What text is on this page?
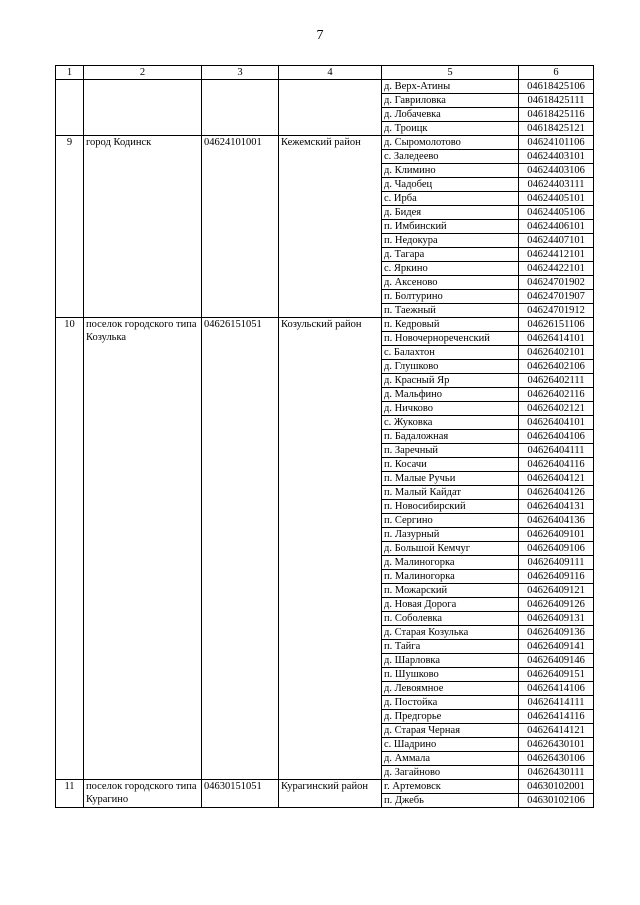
7
1	2	3	4	5	6
				д. Верх-Атины	04618425106
				д. Гавриловка	04618425111
				д. Лобачевка	04618425116
				д. Троицк	04618425121
9	город Кодинск	04624101001	Кежемский район	д. Сыромолотово	04624101106
				с. Заледеево	04624403101
				д. Климино	04624403106
				д. Чадобец	04624403111
				с. Ирба	04624405101
				д. Бидея	04624405106
				п. Имбинский	04624406101
				п. Недокура	04624407101
				д. Тагара	04624412101
				с. Яркино	04624422101
				д. Аксеново	04624701902
				п. Болтурино	04624701907
				п. Таежный	04624701912
10	поселок городского типа Козулька	04626151051	Козульский район	п. Кедровый	04626151106
				п. Новочернореченский	04626414101
				с. Балахтон	04626402101
				д. Глушково	04626402106
				д. Красный Яр	04626402111
				д. Мальфино	04626402116
				д. Ничково	04626402121
				с. Жуковка	04626404101
				п. Бадаложная	04626404106
				п. Заречный	04626404111
				п. Косачи	04626404116
				п. Малые Ручьи	04626404121
				п. Малый Кайдат	04626404126
				п. Новосибирский	04626404131
				п. Сергино	04626404136
				п. Лазурный	04626409101
				д. Большой Кемчуг	04626409106
				д. Малиногорка	04626409111
				п. Малиногорка	04626409116
				п. Можарский	04626409121
				д. Новая Дорога	04626409126
				п. Соболевка	04626409131
				д. Старая Козулька	04626409136
				п. Тайга	04626409141
				д. Шарловка	04626409146
				п. Шушково	04626409151
				д. Левоямное	04626414106
				д. Постойка	04626414111
				д. Предгорье	04626414116
				д. Старая Черная	04626414121
				с. Шадрино	04626430101
				д. Аммала	04626430106
				д. Загайново	04626430111
11	поселок городского типа Курагино	04630151051	Курагинский район	г. Артемовск	04630102001
				п. Джебь	04630102106
